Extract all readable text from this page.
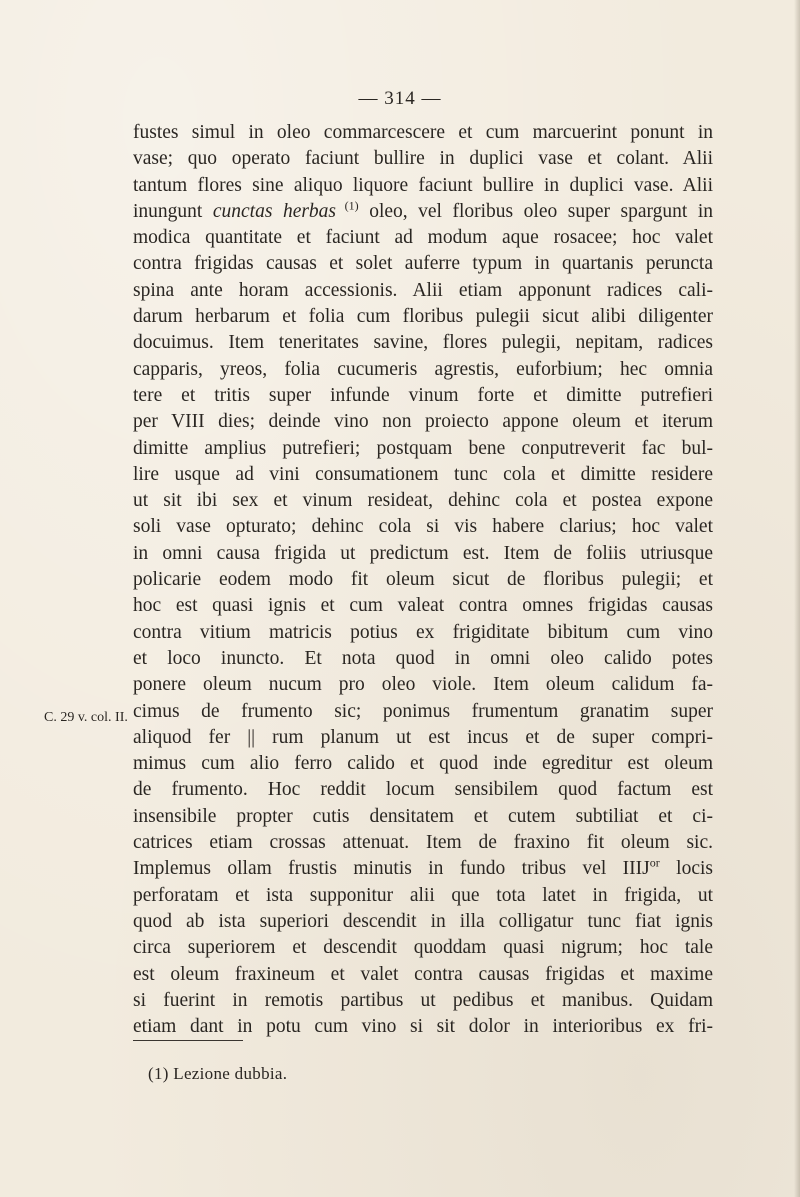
— 314 —
C. 29 v. col. II.
fustes simul in oleo commarcescere et cum marcuerint ponunt in
vase; quo operato faciunt bullire in duplici vase et colant. Alii
tantum flores sine aliquo liquore faciunt bullire in duplici vase. Alii
inungunt cunctas herbas $^{(1)}$ oleo, vel floribus oleo super spargunt in
modica quantitate et faciunt ad modum aque rosacee; hoc valet
contra frigidas causas et solet auferre typum in quartanis peruncta
spina ante horam accessionis. Alii etiam apponunt radices cali-
darum herbarum et folia cum floribus pulegii sicut alibi diligenter
docuimus. Item teneritates savine, flores pulegii, nepitam, radices
capparis, yreos, folia cucumeris agrestis, euforbium; hec omnia
tere et tritis super infunde vinum forte et dimitte putrefieri
per VIII dies; deinde vino non proiecto appone oleum et iterum
dimitte amplius putrefieri; postquam bene conputreverit fac bul-
lire usque ad vini consumationem tunc cola et dimitte residere
ut sit ibi sex et vinum resideat, dehinc cola et postea expone
soli vase opturato; dehinc cola si vis habere clarius; hoc valet
in omni causa frigida ut predictum est. Item de foliis utriusque
policarie eodem modo fit oleum sicut de floribus pulegii; et
hoc est quasi ignis et cum valeat contra omnes frigidas causas
contra vitium matricis potius ex frigiditate bibitum cum vino
et loco inuncto. Et nota quod in omni oleo calido potes
ponere oleum nucum pro oleo viole. Item oleum calidum fa-
cimus de frumento sic; ponimus frumentum granatim super
aliquod fer || rum planum ut est incus et de super compri-
mimus cum alio ferro calido et quod inde egreditur est oleum
de frumento. Hoc reddit locum sensibilem quod factum est
insensibile propter cutis densitatem et cutem subtiliat et ci-
catrices etiam crossas attenuat. Item de fraxino fit oleum sic.
Implemus ollam frustis minutis in fundo tribus vel $IIIJ^{or}$ locis
perforatam et ista supponitur alii que tota latet in frigida, ut
quod ab ista superiori descendit in illa colligatur tunc fiat ignis
circa superiorem et descendit quoddam quasi nigrum; hoc tale
est oleum fraxineum et valet contra causas frigidas et maxime
si fuerint in remotis partibus ut pedibus et manibus. Quidam
etiam dant in potu cum vino si sit dolor in interioribus ex fri-
(1) Lezione dubbia.
